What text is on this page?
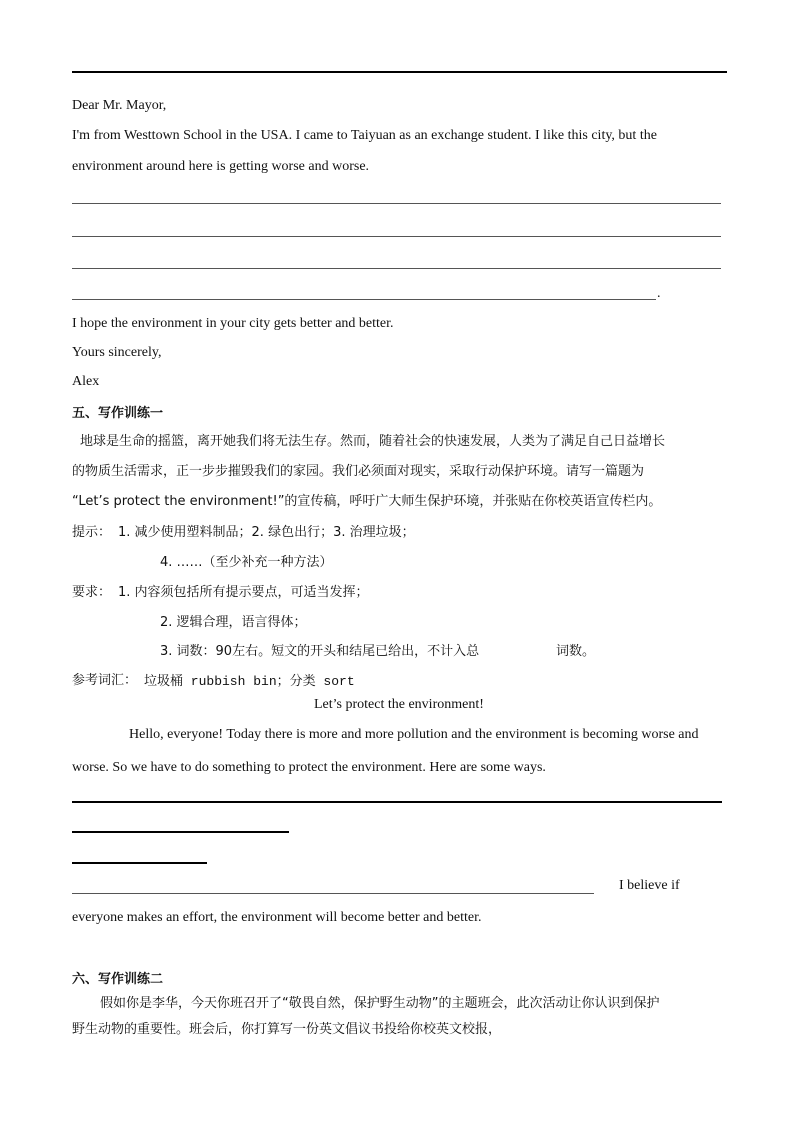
Dear Mr. Mayor,
I'm from Westtown School in the USA. I came to Taiyuan as an exchange student. I like this city, but the
environment around here is getting worse and worse.
.
I hope the environment in your city gets better and better.
Yours sincerely,
Alex
五、写作训练一
地球是生命的摇篮，离开她我们将无法生存。然而，随着社会的快速发展，人类为了满足自己日益增长
的物质生活需求，正一步步摧毁我们的家园。我们必须面对现实，采取行动保护环境。请写一篇题为
“Let’s protect the environment!”的宣传稿，呼吁广大师生保护环境，并张贴在你校英语宣传栏内。
提示： 1. 减少使用塑料制品；2. 绿色出行；3. 治理垃圾；
4. ……（至少补充一种方法）
要求： 1. 内容须包括所有提示要点，可适当发挥；
2. 逻辑合理，语言得体；
3. 词数：90左右。短文的开头和结尾已给出，不计入总	词数。
参考词汇： 垃圾桶 rubbish bin；分类 sort
Let’s protect the environment!
Hello, everyone! Today there is more and more pollution and the environment is becoming worse and
worse. So we have to do something to protect the environment. Here are some ways.
I believe if
everyone makes an effort, the environment will become better and better.
六、写作训练二
假如你是李华，今天你班召开了“敬畏自然，保护野生动物”的主题班会，此次活动让你认识到保护
野生动物的重要性。班会后，你打算写一份英文倡议书投给你校英文校报，
